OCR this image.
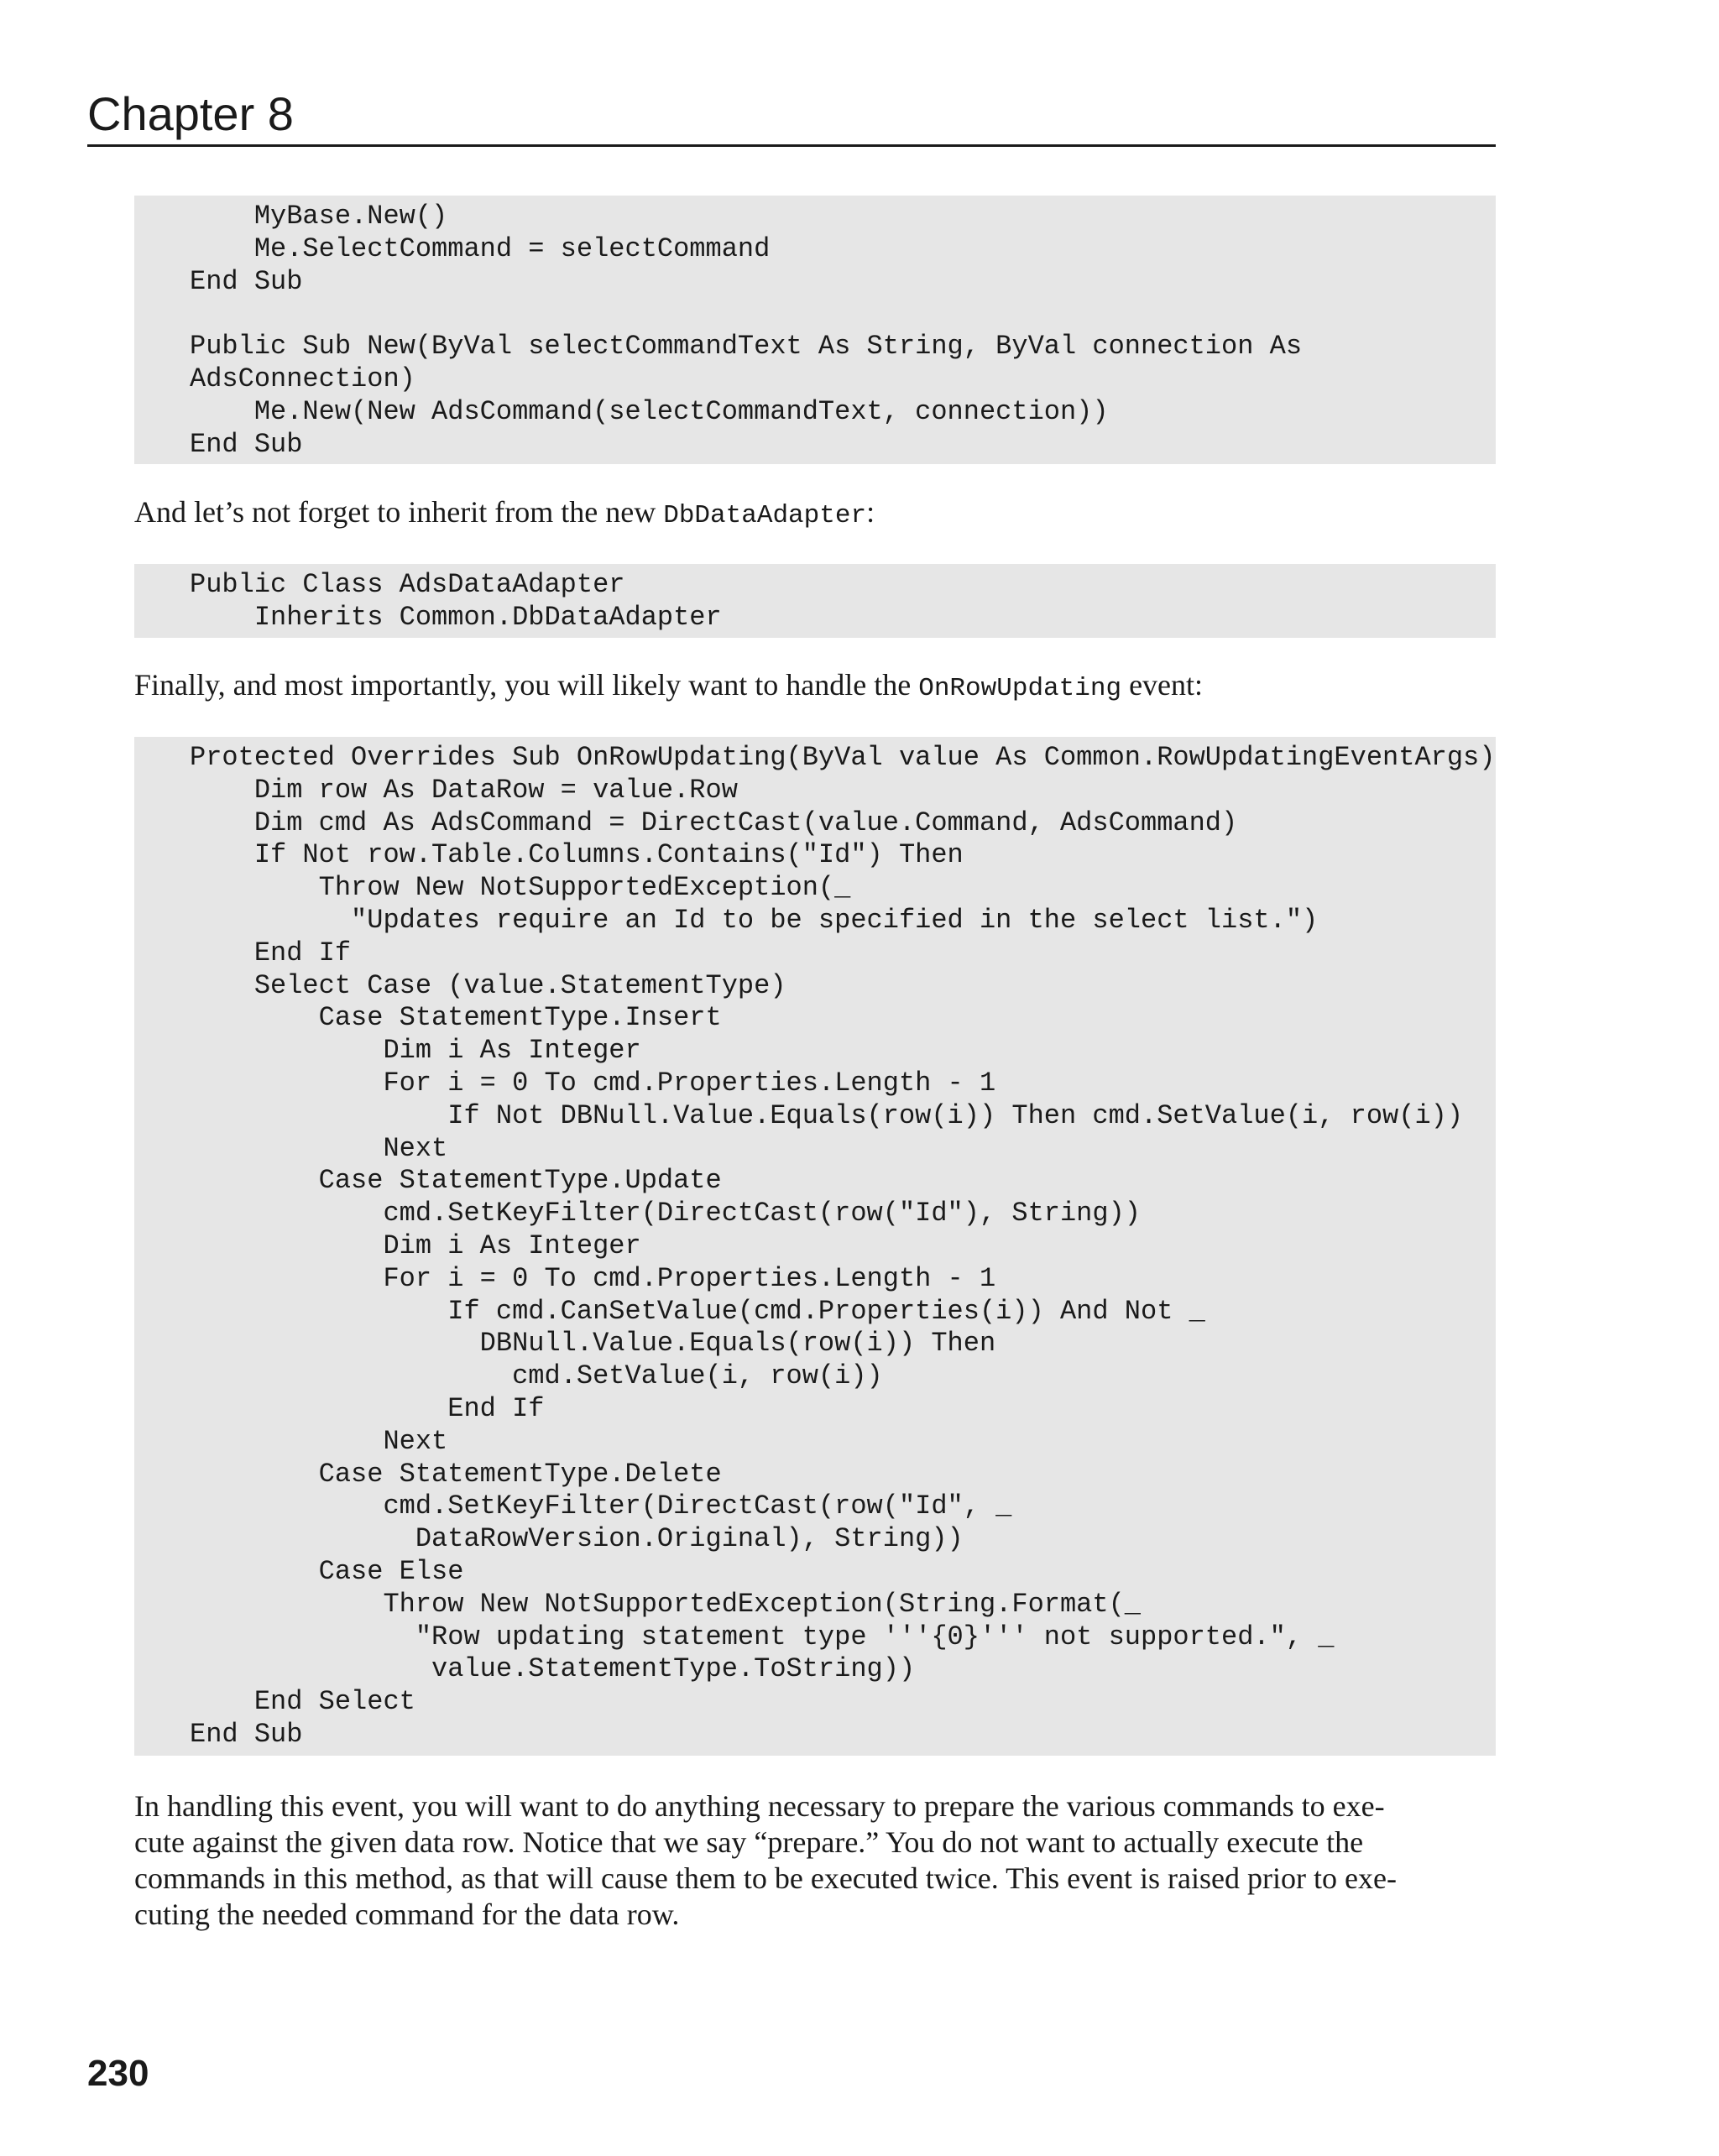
Chapter 8
MyBase.New()
Me.SelectCommand = selectCommand
End Sub
Public Sub New(ByVal selectCommandText As String, ByVal connection As
AdsConnection)
Me.New(New AdsCommand(selectCommandText, connection))
End Sub
And let’s not forget to inherit from the new DbDataAdapter:
Public Class AdsDataAdapter
Inherits Common.DbDataAdapter
Finally, and most importantly, you will likely want to handle the OnRowUpdating event:
Protected Overrides Sub OnRowUpdating(ByVal value As Common.RowUpdatingEventArgs)
Dim row As DataRow = value.Row
Dim cmd As AdsCommand = DirectCast(value.Command, AdsCommand)
If Not row.Table.Columns.Contains("Id") Then
Throw New NotSupportedException(_
"Updates require an Id to be specified in the select list.")
End If
Select Case (value.StatementType)
Case StatementType.Insert
Dim i As Integer
For i = 0 To cmd.Properties.Length - 1
If Not DBNull.Value.Equals(row(i)) Then cmd.SetValue(i, row(i))
Next
Case StatementType.Update
cmd.SetKeyFilter(DirectCast(row("Id"), String))
Dim i As Integer
For i = 0 To cmd.Properties.Length - 1
If cmd.CanSetValue(cmd.Properties(i)) And Not _
DBNull.Value.Equals(row(i)) Then
cmd.SetValue(i, row(i))
End If
Next
Case StatementType.Delete
cmd.SetKeyFilter(DirectCast(row("Id", _
DataRowVersion.Original), String))
Case Else
Throw New NotSupportedException(String.Format(_
"Row updating statement type '''{0}''' not supported.", _
value.StatementType.ToString))
End Select
End Sub
In handling this event, you will want to do anything necessary to prepare the various commands to exe-
cute against the given data row. Notice that we say “prepare.” You do not want to actually execute the
commands in this method, as that will cause them to be executed twice. This event is raised prior to exe-
cuting the needed command for the data row.
230
